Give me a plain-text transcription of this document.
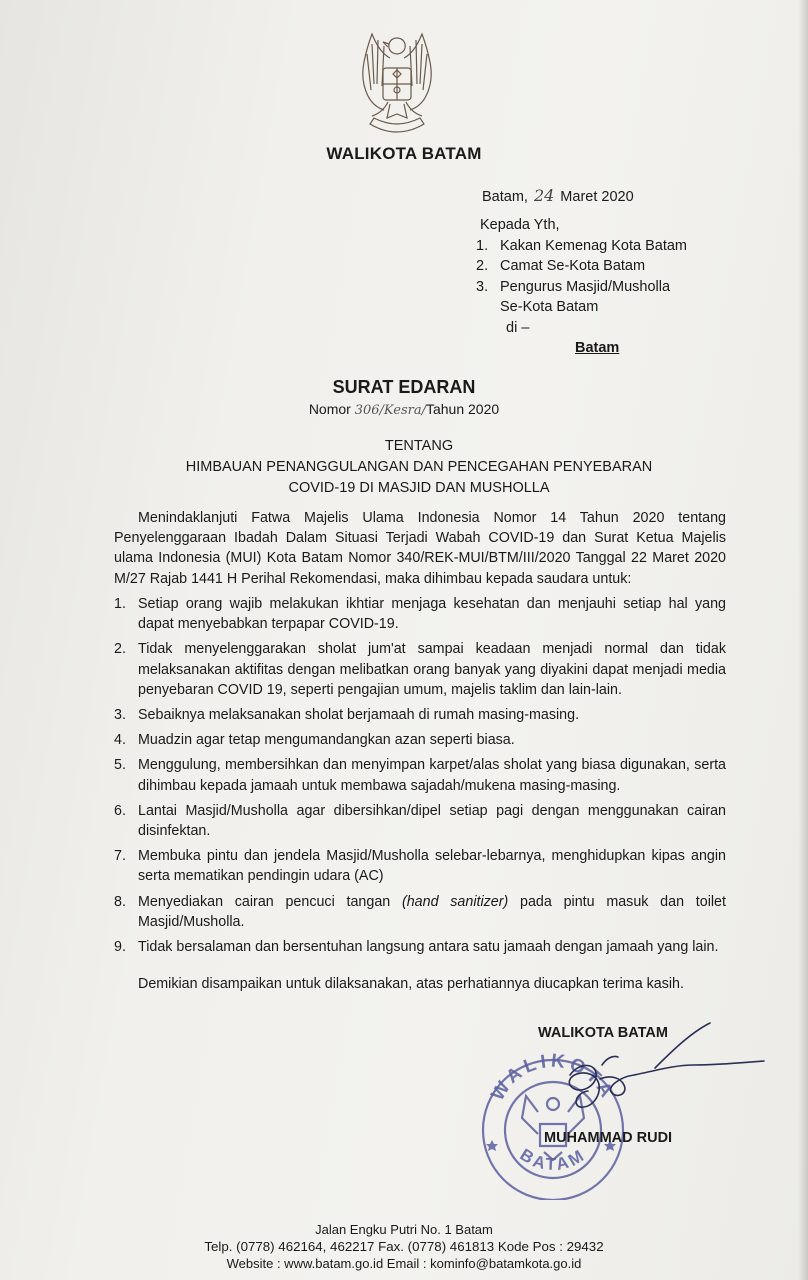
WALIKOTA BATAM
Batam, 24 Maret 2020
Kepada Yth,
1. Kakan Kemenag Kota Batam
2. Camat Se-Kota Batam
3. Pengurus Masjid/Musholla
Se-Kota Batam
di –
Batam
SURAT EDARAN
Nomor 306/Kesra/Tahun 2020
TENTANG
HIMBAUAN PENANGGULANGAN DAN PENCEGAHAN PENYEBARAN
COVID-19 DI MASJID DAN MUSHOLLA

Menindaklanjuti Fatwa Majelis Ulama Indonesia Nomor 14 Tahun 2020 tentang Penyelenggaraan Ibadah Dalam Situasi Terjadi Wabah COVID-19 dan Surat Ketua Majelis ulama Indonesia (MUI) Kota Batam Nomor 340/REK-MUI/BTM/III/2020 Tanggal 22 Maret 2020 M/27 Rajab 1441 H Perihal Rekomendasi, maka dihimbau kepada saudara untuk:

1. Setiap orang wajib melakukan ikhtiar menjaga kesehatan dan menjauhi setiap hal yang dapat menyebabkan terpapar COVID-19.
2. Tidak menyelenggarakan sholat jum'at sampai keadaan menjadi normal dan tidak melaksanakan aktifitas dengan melibatkan orang banyak yang diyakini dapat menjadi media penyebaran COVID 19, seperti pengajian umum, majelis taklim dan lain-lain.
3. Sebaiknya melaksanakan sholat berjamaah di rumah masing-masing.
4. Muadzin agar tetap mengumandangkan azan seperti biasa.
5. Menggulung, membersihkan dan menyimpan karpet/alas sholat yang biasa digunakan, serta dihimbau kepada jamaah untuk membawa sajadah/mukena masing-masing.
6. Lantai Masjid/Musholla agar dibersihkan/dipel setiap pagi dengan menggunakan cairan disinfektan.
7. Membuka pintu dan jendela Masjid/Musholla selebar-lebarnya, menghidupkan kipas angin serta mematikan pendingin udara (AC)
8. Menyediakan cairan pencuci tangan (hand sanitizer) pada pintu masuk dan toilet Masjid/Musholla.
9. Tidak bersalaman dan bersentuhan langsung antara satu jamaah dengan jamaah yang lain.
Demikian disampaikan untuk dilaksanakan, atas perhatiannya diucapkan terima kasih.
WALIKOTA
BATAM
WALIKOTA BATAM
MUHAMMAD RUDI
Jalan Engku Putri No. 1 Batam
Telp. (0778) 462164, 462217 Fax. (0778) 461813 Kode Pos : 29432
Website : www.batam.go.id Email : kominfo@batamkota.go.id
